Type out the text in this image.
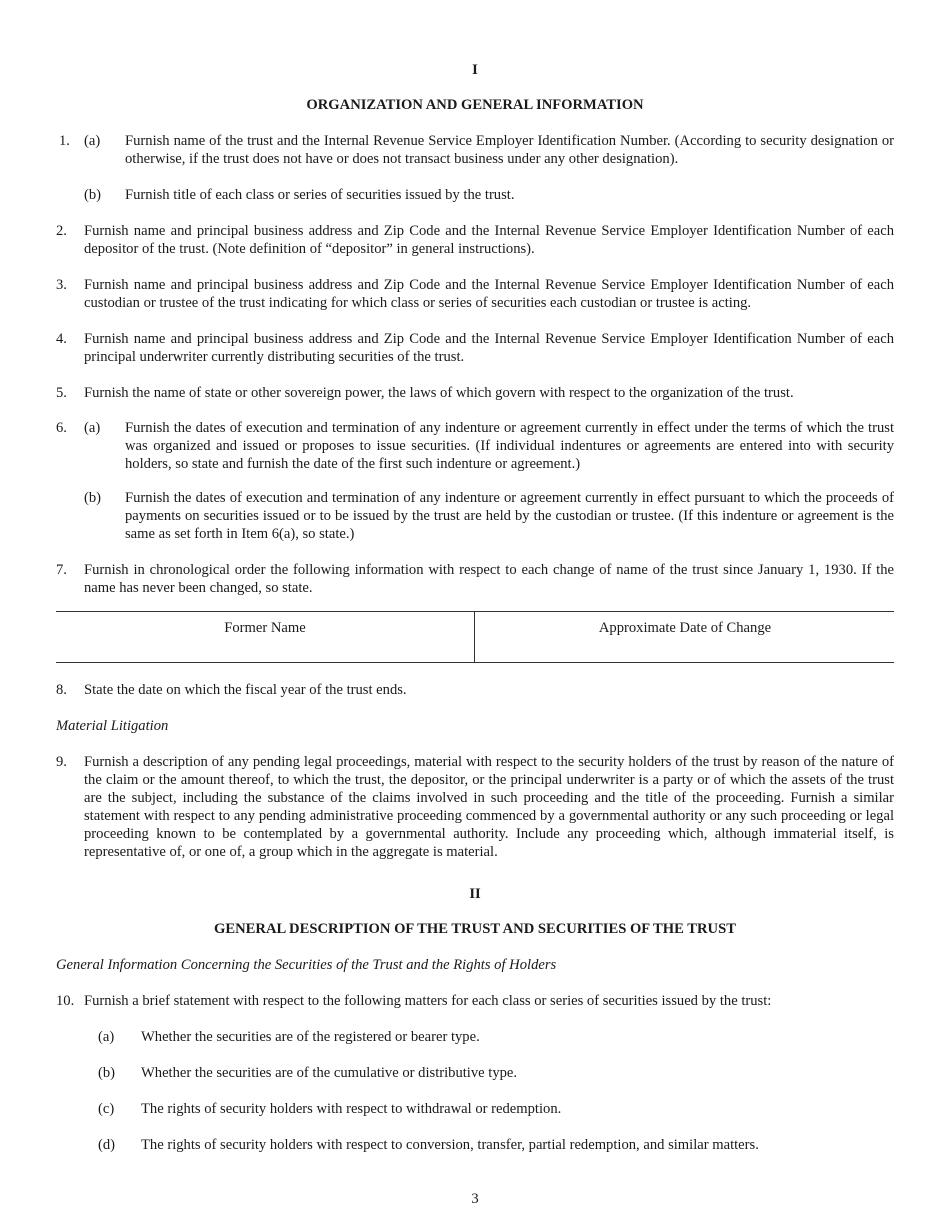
I
ORGANIZATION AND GENERAL INFORMATION
1. (a)	Furnish name of the trust and the Internal Revenue Service Employer Identification Number. (According to security designation or otherwise, if the trust does not have or does not transact business under any other designation).
(b)	Furnish title of each class or series of securities issued by the trust.
2.	Furnish name and principal business address and Zip Code and the Internal Revenue Service Employer Identification Number of each depositor of the trust. (Note definition of “depositor” in general instructions).
3.	Furnish name and principal business address and Zip Code and the Internal Revenue Service Employer Identification Number of each custodian or trustee of the trust indicating for which class or series of securities each custodian or trustee is acting.
4.	Furnish name and principal business address and Zip Code and the Internal Revenue Service Employer Identification Number of each principal underwriter currently distributing securities of the trust.
5.	Furnish the name of state or other sovereign power, the laws of which govern with respect to the organization of the trust.
6.	(a)	Furnish the dates of execution and termination of any indenture or agreement currently in effect under the terms of which the trust was organized and issued or proposes to issue securities. (If individual indentures or agreements are entered into with security holders, so state and furnish the date of the first such indenture or agreement.)
(b)	Furnish the dates of execution and termination of any indenture or agreement currently in effect pursuant to which the proceeds of payments on securities issued or to be issued by the trust are held by the custodian or trustee. (If this indenture or agreement is the same as set forth in Item 6(a), so state.)
7.	Furnish in chronological order the following information with respect to each change of name of the trust since January 1, 1930. If the name has never been changed, so state.
Former Name	Approximate Date of Change
8.	State the date on which the fiscal year of the trust ends.
Material Litigation
9.	Furnish a description of any pending legal proceedings, material with respect to the security holders of the trust by reason of the nature of the claim or the amount thereof, to which the trust, the depositor, or the principal underwriter is a party or of which the assets of the trust are the subject, including the substance of the claims involved in such proceeding and the title of the proceeding. Furnish a similar statement with respect to any pending administrative proceeding commenced by a governmental authority or any such proceeding or legal proceeding known to be contemplated by a governmental authority. Include any proceeding which, although immaterial itself, is representative of, or one of, a group which in the aggregate is material.
II
GENERAL DESCRIPTION OF THE TRUST AND SECURITIES OF THE TRUST
General Information Concerning the Securities of the Trust and the Rights of Holders
10. Furnish a brief statement with respect to the following matters for each class or series of securities issued by the trust:
(a) Whether the securities are of the registered or bearer type.
(b) Whether the securities are of the cumulative or distributive type.
(c) The rights of security holders with respect to withdrawal or redemption.
(d) The rights of security holders with respect to conversion, transfer, partial redemption, and similar matters.
3
